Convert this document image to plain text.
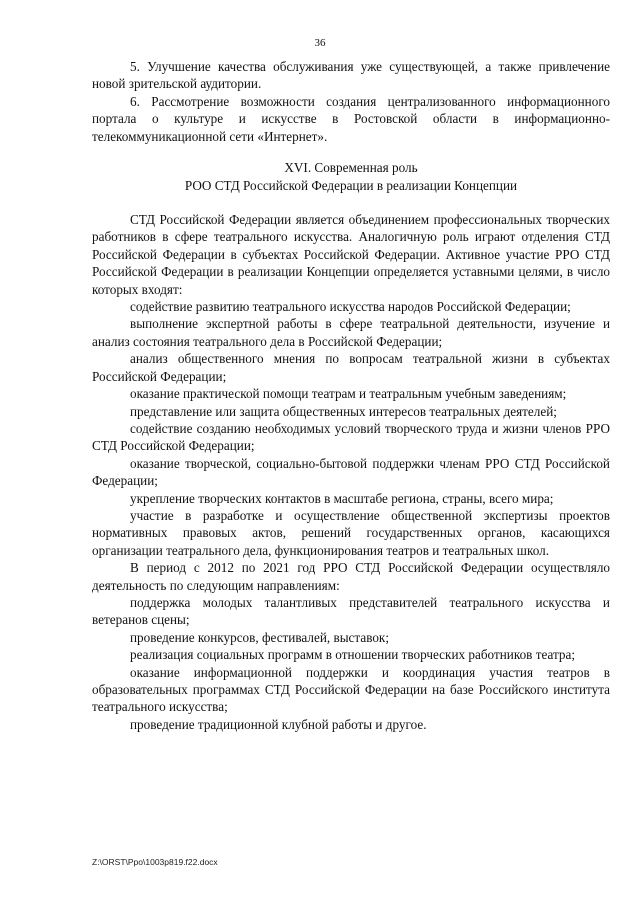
36

5. Улучшение качества обслуживания уже существующей, а также привлечение новой зрительской аудитории.

6. Рассмотрение возможности создания централизованного информационного портала о культуре и искусстве в Ростовской области в информационно-телекоммуникационной сети «Интернет».

XVI. Современная роль
РОО СТД Российской Федерации в реализации Концепции

СТД Российской Федерации является объединением профессиональных творческих работников в сфере театрального искусства. Аналогичную роль играют отделения СТД Российской Федерации в субъектах Российской Федерации. Активное участие РРО СТД Российской Федерации в реализации Концепции определяется уставными целями, в число которых входят:

содействие развитию театрального искусства народов Российской Федерации;

выполнение экспертной работы в сфере театральной деятельности, изучение и анализ состояния театрального дела в Российской Федерации;

анализ общественного мнения по вопросам театральной жизни в субъектах Российской Федерации;

оказание практической помощи театрам и театральным учебным заведениям;

представление или защита общественных интересов театральных деятелей;

содействие созданию необходимых условий творческого труда и жизни членов РРО СТД Российской Федерации;

оказание творческой, социально-бытовой поддержки членам РРО СТД Российской Федерации;

укрепление творческих контактов в масштабе региона, страны, всего мира;

участие в разработке и осуществление общественной экспертизы проектов нормативных правовых актов, решений государственных органов, касающихся организации театрального дела, функционирования театров и театральных школ.

В период с 2012 по 2021 год РРО СТД Российской Федерации осуществляло деятельность по следующим направлениям:

поддержка молодых талантливых представителей театрального искусства и ветеранов сцены;

проведение конкурсов, фестивалей, выставок;

реализация социальных программ в отношении творческих работников театра;

оказание информационной поддержки и координация участия театров в образовательных программах СТД Российской Федерации на базе Российского института театрального искусства;

проведение традиционной клубной работы и другое.

Z:\ORST\Ppo\1003p819.f22.docx
